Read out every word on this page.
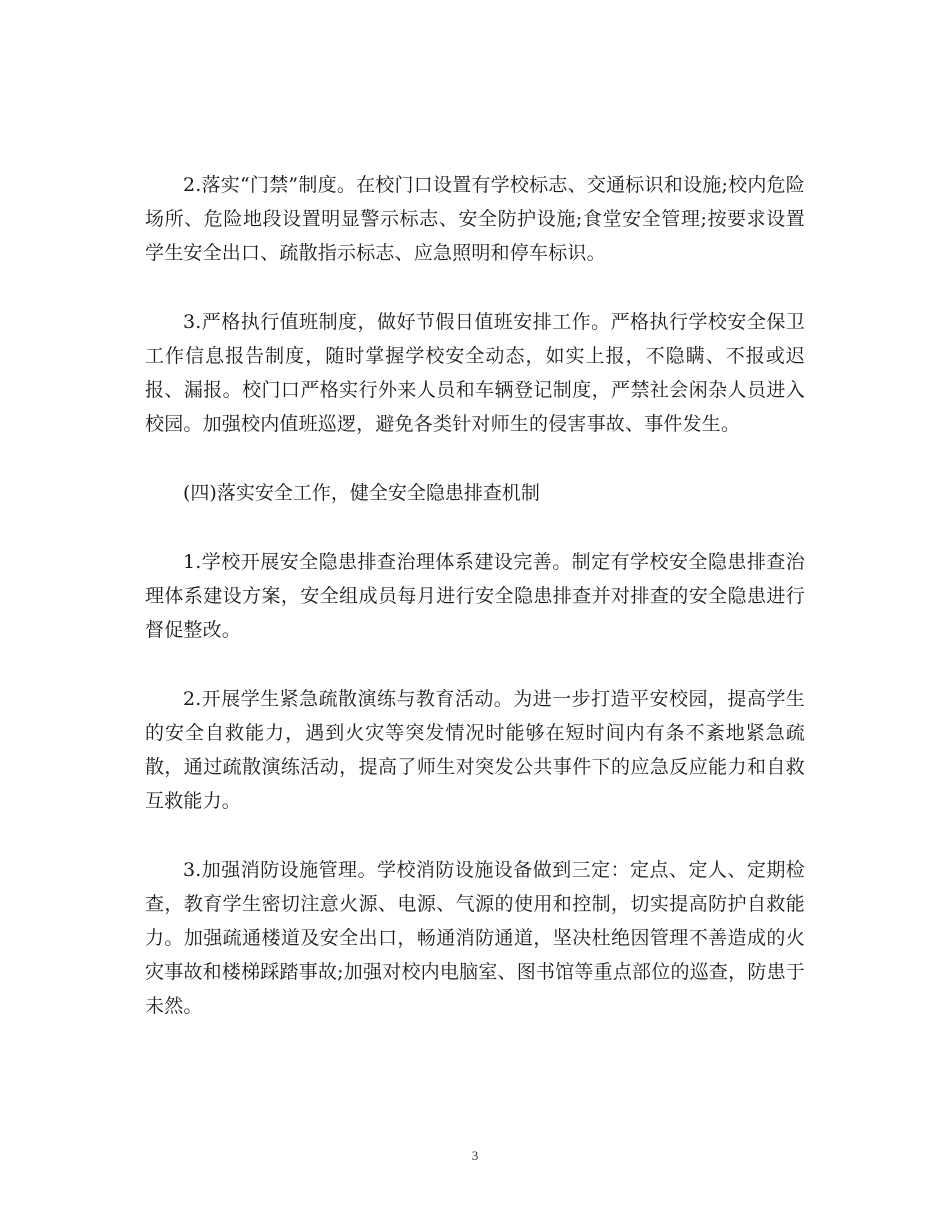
2.落实“门禁”制度。在校门口设置有学校标志、交通标识和设施;校内危险场所、危险地段设置明显警示标志、安全防护设施;食堂安全管理;按要求设置学生安全出口、疏散指示标志、应急照明和停车标识。

3.严格执行值班制度，做好节假日值班安排工作。严格执行学校安全保卫工作信息报告制度，随时掌握学校安全动态，如实上报，不隐瞒、不报或迟报、漏报。校门口严格实行外来人员和车辆登记制度，严禁社会闲杂人员进入校园。加强校内值班巡逻，避免各类针对师生的侵害事故、事件发生。

(四)落实安全工作，健全安全隐患排查机制

1.学校开展安全隐患排查治理体系建设完善。制定有学校安全隐患排查治理体系建设方案，安全组成员每月进行安全隐患排查并对排查的安全隐患进行督促整改。

2.开展学生紧急疏散演练与教育活动。为进一步打造平安校园，提高学生的安全自救能力，遇到火灾等突发情况时能够在短时间内有条不紊地紧急疏散，通过疏散演练活动，提高了师生对突发公共事件下的应急反应能力和自救互救能力。

3.加强消防设施管理。学校消防设施设备做到三定：定点、定人、定期检查，教育学生密切注意火源、电源、气源的使用和控制，切实提高防护自救能力。加强疏通楼道及安全出口，畅通消防通道，坚决杜绝因管理不善造成的火灾事故和楼梯踩踏事故;加强对校内电脑室、图书馆等重点部位的巡查，防患于未然。

3
